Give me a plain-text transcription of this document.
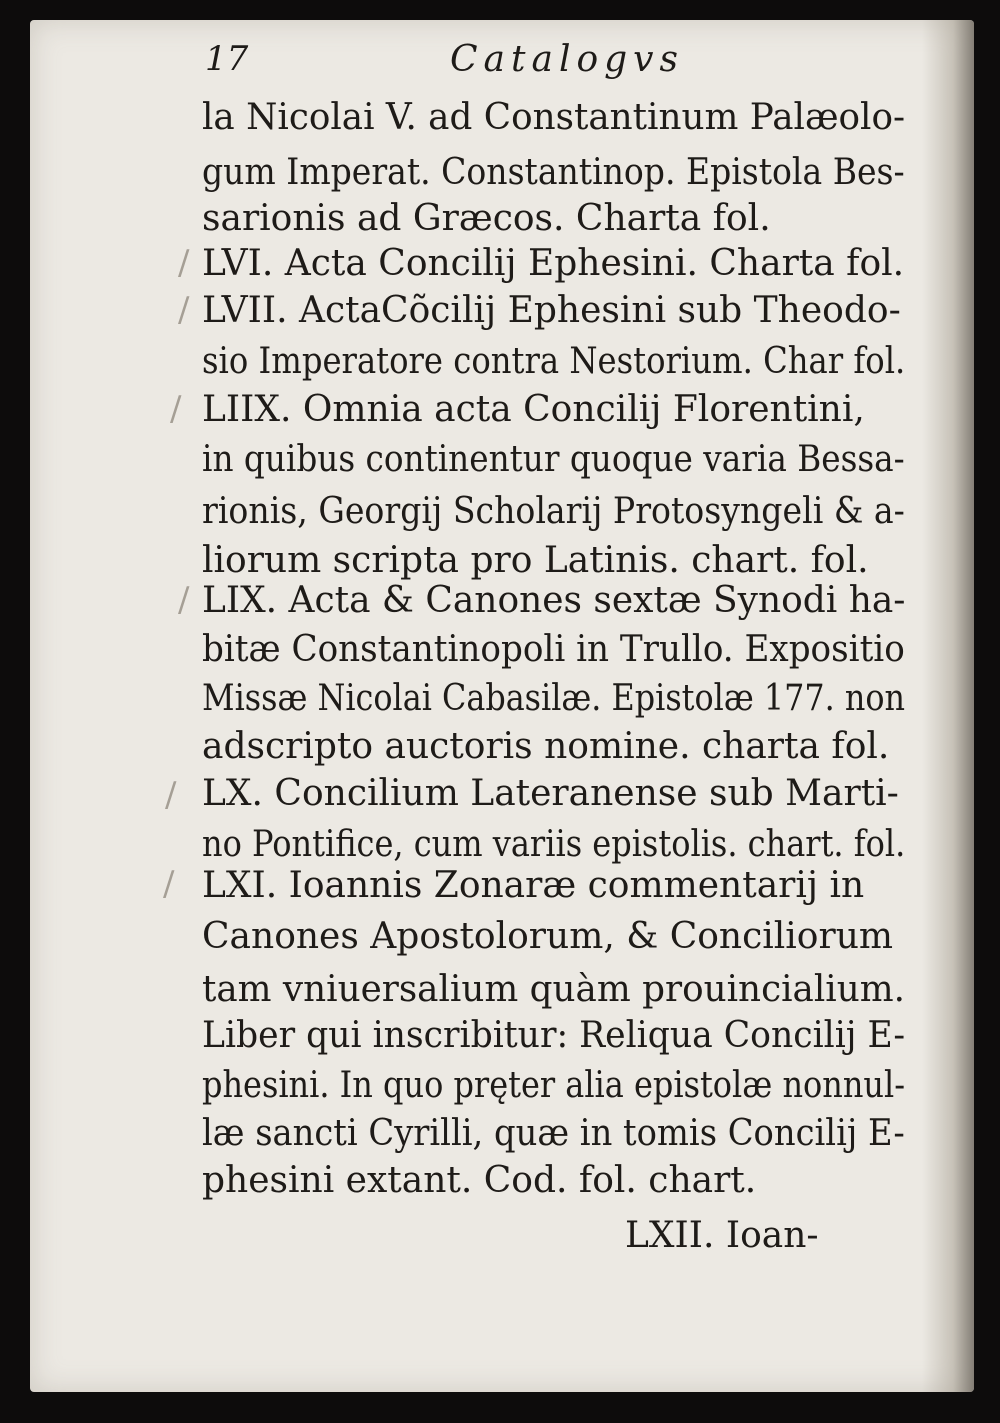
17	Catalogvs
la Nicolai V. ad Constantinum Palæolo-
gum Imperat. Constantinop. Epistola Bes-
sarionis ad Græcos. Charta fol.
/ LVI. Acta Concilij Ephesini. Charta fol.
/ LVII. ActaCõcilij Ephesini sub Theodo-
sio Imperatore contra Nestorium. Char fol.
/ LIIX. Omnia acta Concilij Florentini,
in quibus continentur quoque varia Bessa-
rionis, Georgij Scholarij Protosyngeli & a-
liorum scripta pro Latinis. chart. fol.
/ LIX. Acta & Canones sextæ Synodi ha-
bitæ Constantinopoli in Trullo. Expositio
Missæ Nicolai Cabasilæ. Epistolæ 177. non
adscripto auctoris nomine. charta fol.
/ LX. Concilium Lateranense sub Marti-
no Pontifice, cum variis epistolis. chart. fol.
/ LXI. Ioannis Zonaræ commentarij in
Canones Apostolorum, & Conciliorum
tam vniuersalium quàm prouincialium.
Liber qui inscribitur: Reliqua Concilij E-
phesini. In quo pręter alia epistolæ nonnul-
læ sancti Cyrilli, quæ in tomis Concilij E-
phesini extant. Cod. fol. chart.
LXII. Ioan-
